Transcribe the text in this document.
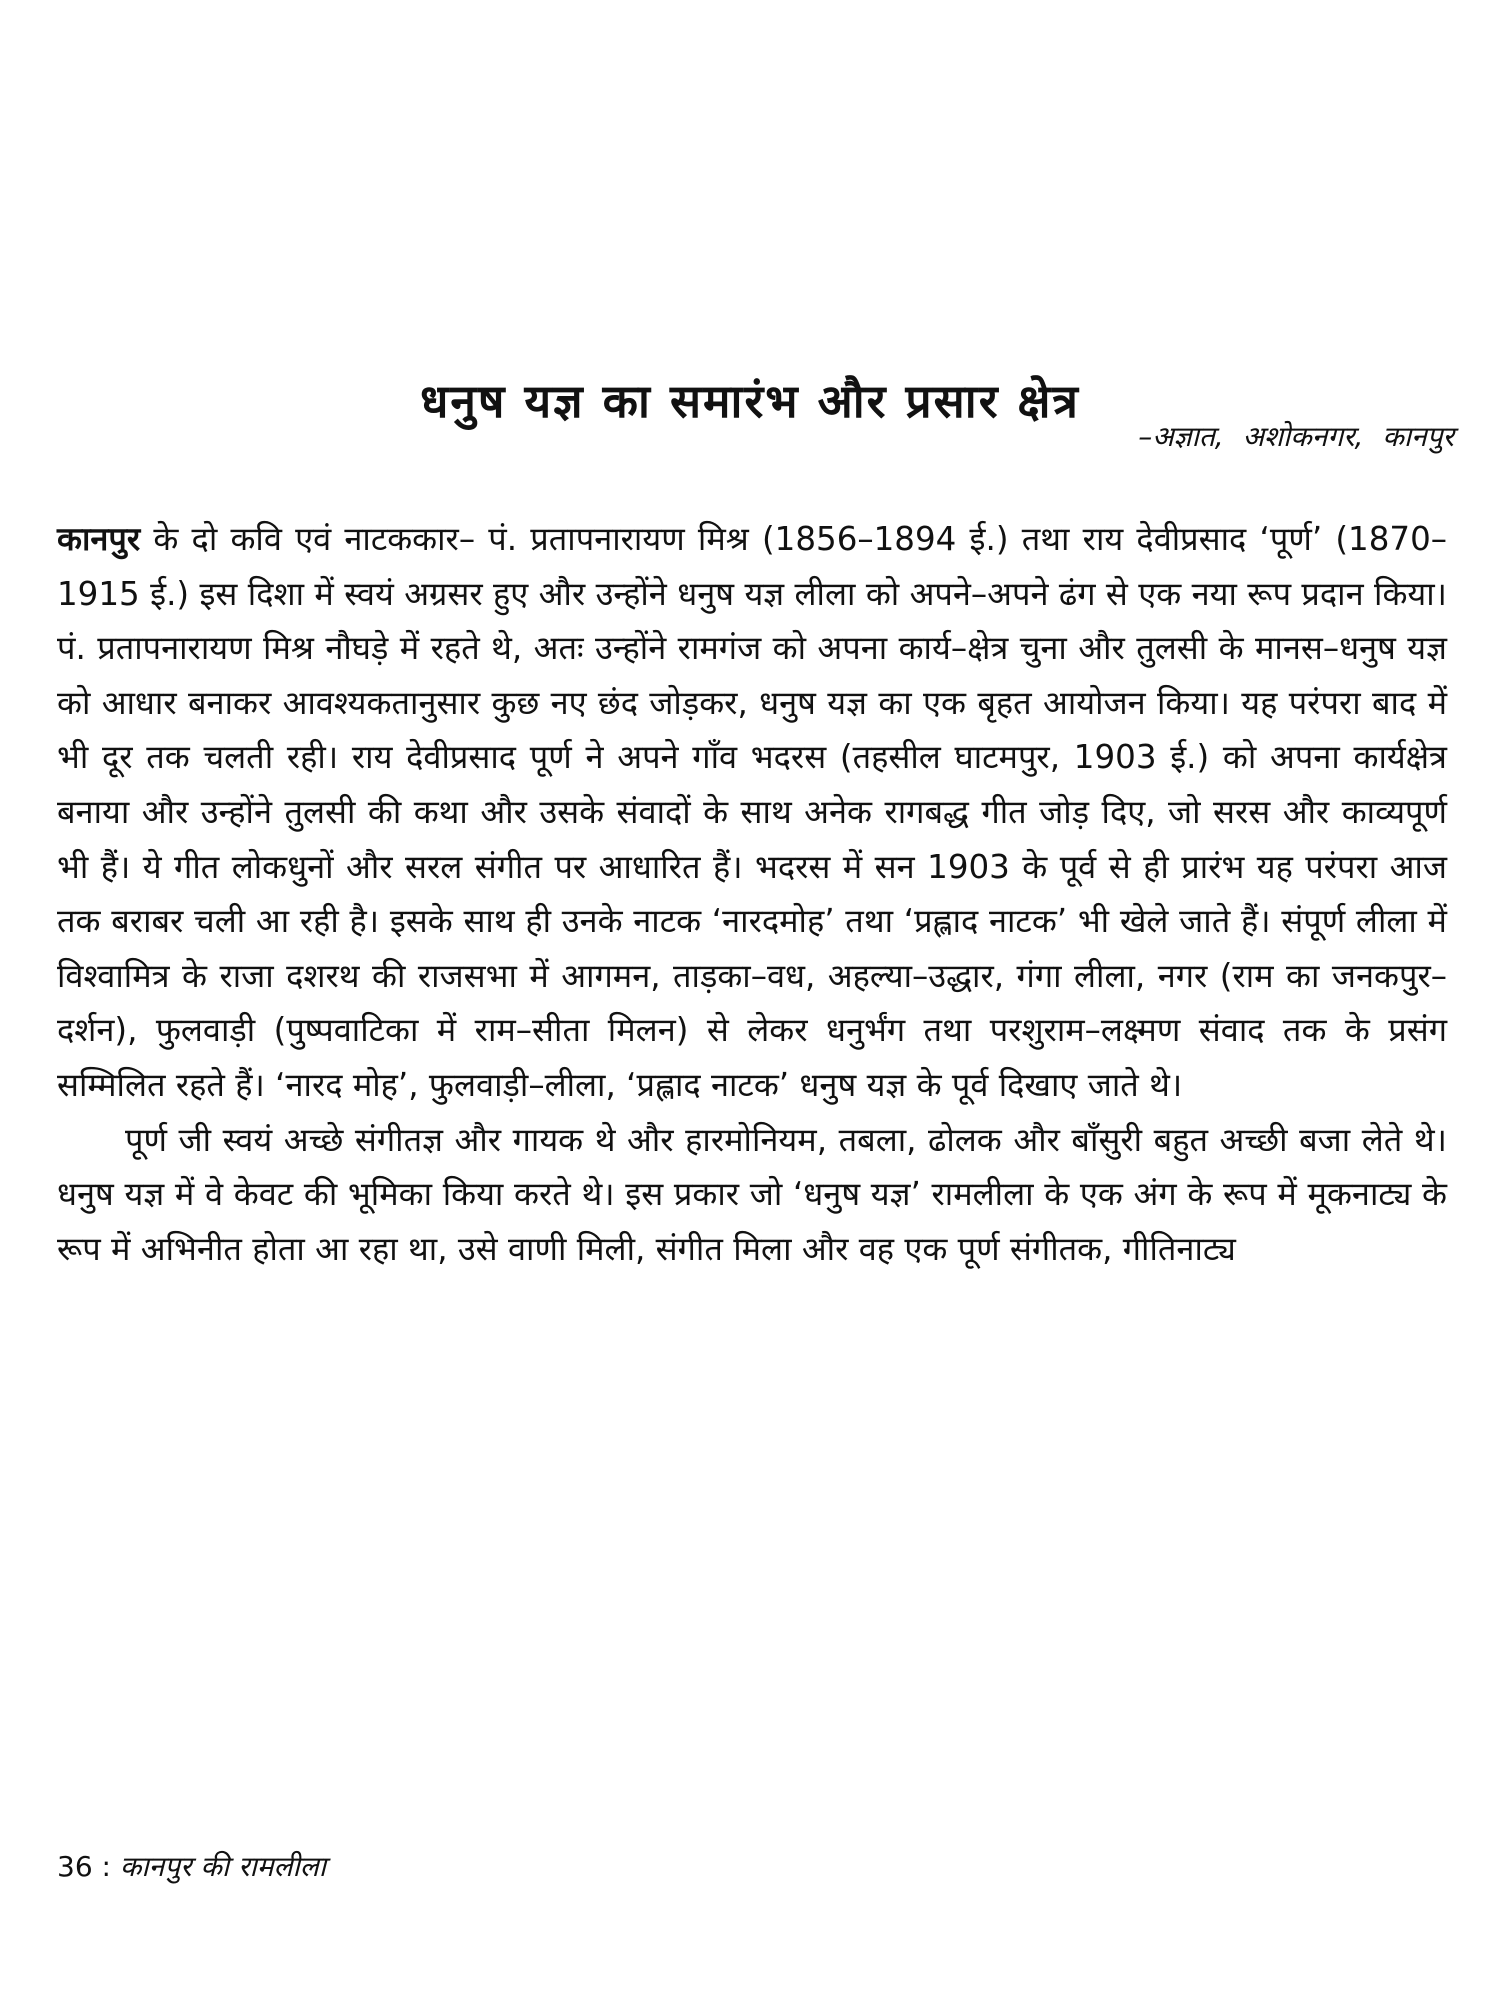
धनुष यज्ञ का समारंभ और प्रसार क्षेत्र
–अज्ञात, अशोकनगर, कानपुर

कानपुर के दो कवि एवं नाटककार– पं. प्रतापनारायण मिश्र (1856–1894 ई.) तथा राय देवीप्रसाद ‘पूर्ण’ (1870–1915 ई.) इस दिशा में स्वयं अग्रसर हुए और उन्होंने धनुष यज्ञ लीला को अपने–अपने ढंग से एक नया रूप प्रदान किया। पं. प्रतापनारायण मिश्र नौघड़े में रहते थे, अतः उन्होंने रामगंज को अपना कार्य–क्षेत्र चुना और तुलसी के मानस–धनुष यज्ञ को आधार बनाकर आवश्यकतानुसार कुछ नए छंद जोड़कर, धनुष यज्ञ का एक बृहत आयोजन किया। यह परंपरा बाद में भी दूर तक चलती रही। राय देवीप्रसाद पूर्ण ने अपने गाँव भदरस (तहसील घाटमपुर, 1903 ई.) को अपना कार्यक्षेत्र बनाया और उन्होंने तुलसी की कथा और उसके संवादों के साथ अनेक रागबद्ध गीत जोड़ दिए, जो सरस और काव्यपूर्ण भी हैं। ये गीत लोकधुनों और सरल संगीत पर आधारित हैं। भदरस में सन 1903 के पूर्व से ही प्रारंभ यह परंपरा आज तक बराबर चली आ रही है। इसके साथ ही उनके नाटक ‘नारदमोह’ तथा ‘प्रह्लाद नाटक’ भी खेले जाते हैं। संपूर्ण लीला में विश्वामित्र के राजा दशरथ की राजसभा में आगमन, ताड़का–वध, अहल्या–उद्धार, गंगा लीला, नगर (राम का जनकपुर–दर्शन), फुलवाड़ी (पुष्पवाटिका में राम–सीता मिलन) से लेकर धनुर्भंग तथा परशुराम–लक्ष्मण संवाद तक के प्रसंग सम्मिलित रहते हैं। ‘नारद मोह’, फुलवाड़ी–लीला, ‘प्रह्लाद नाटक’ धनुष यज्ञ के पूर्व दिखाए जाते थे।

पूर्ण जी स्वयं अच्छे संगीतज्ञ और गायक थे और हारमोनियम, तबला, ढोलक और बाँसुरी बहुत अच्छी बजा लेते थे। धनुष यज्ञ में वे केवट की भूमिका किया करते थे। इस प्रकार जो ‘धनुष यज्ञ’ रामलीला के एक अंग के रूप में मूकनाट्य के रूप में अभिनीत होता आ रहा था, उसे वाणी मिली, संगीत मिला और वह एक पूर्ण संगीतक, गीतिनाट्य

36 : कानपुर की रामलीला
